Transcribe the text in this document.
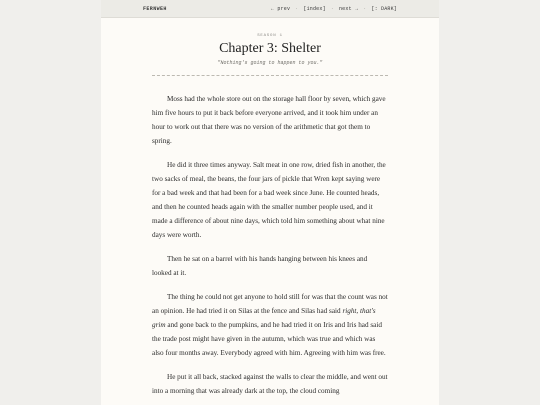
FERNWEH	← prev	·	[index]	·	next →	·	[: DARK]
SEASON 1
Chapter 3: Shelter
"Nothing's going to happen to you."

Moss had the whole store out on the storage hall floor by seven, which gave him five hours to put it back before everyone arrived, and it took him under an hour to work out that there was no version of the arithmetic that got them to spring.

He did it three times anyway. Salt meat in one row, dried fish in another, the two sacks of meal, the beans, the four jars of pickle that Wren kept saying were for a bad week and that had been for a bad week since June. He counted heads, and then he counted heads again with the smaller number people used, and it made a difference of about nine days, which told him something about what nine days were worth.

Then he sat on a barrel with his hands hanging between his knees and looked at it.

The thing he could not get anyone to hold still for was that the count was not an opinion. He had tried it on Silas at the fence and Silas had said right, that's grim and gone back to the pumpkins, and he had tried it on Iris and Iris had said the trade post might have given in the autumn, which was true and which was also four months away. Everybody agreed with him. Agreeing with him was free.

He put it all back, stacked against the walls to clear the middle, and went out into a morning that was already dark at the top, the cloud coming
